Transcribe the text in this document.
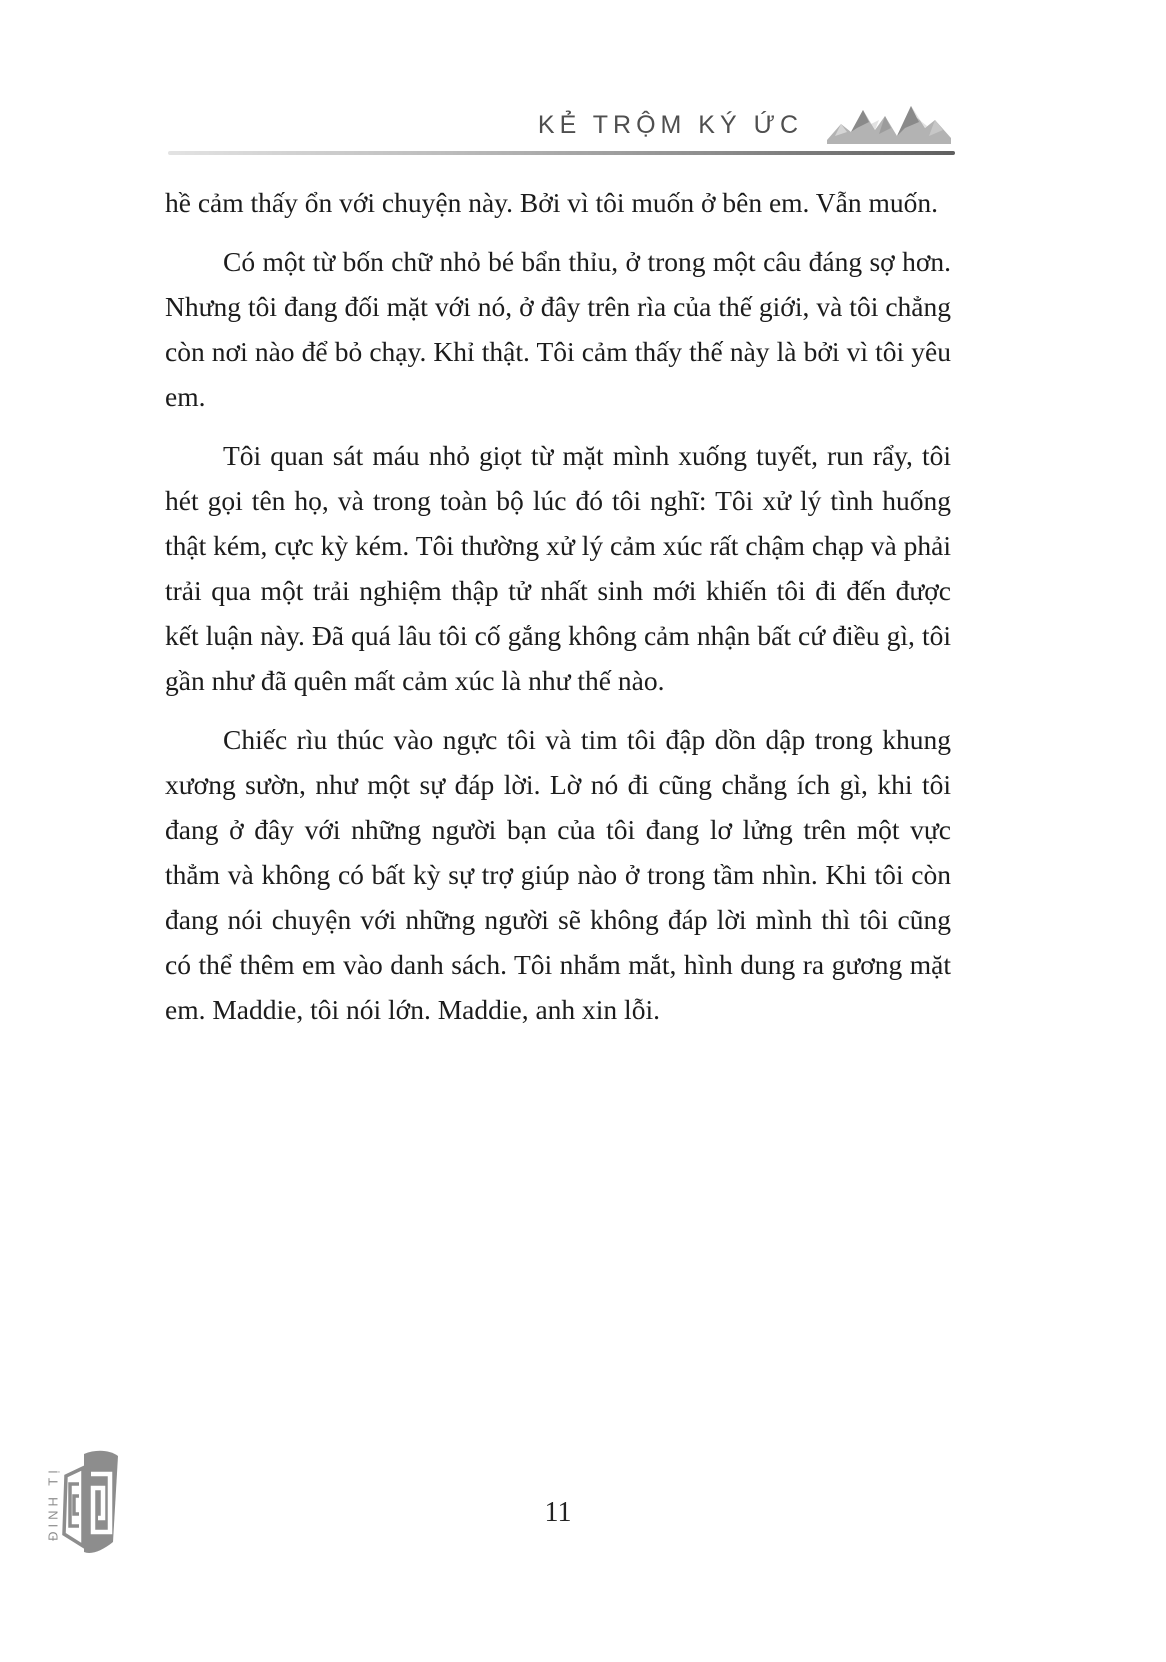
KẺ TRỘM KÝ ỨC

hề cảm thấy ổn với chuyện này. Bởi vì tôi muốn ở bên em. Vẫn muốn.

Có một từ bốn chữ nhỏ bé bẩn thỉu, ở trong một câu đáng sợ hơn. Nhưng tôi đang đối mặt với nó, ở đây trên rìa của thế giới, và tôi chẳng còn nơi nào để bỏ chạy. Khỉ thật. Tôi cảm thấy thế này là bởi vì tôi yêu em.

Tôi quan sát máu nhỏ giọt từ mặt mình xuống tuyết, run rẩy, tôi hét gọi tên họ, và trong toàn bộ lúc đó tôi nghĩ: Tôi xử lý tình huống thật kém, cực kỳ kém. Tôi thường xử lý cảm xúc rất chậm chạp và phải trải qua một trải nghiệm thập tử nhất sinh mới khiến tôi đi đến được kết luận này. Đã quá lâu tôi cố gắng không cảm nhận bất cứ điều gì, tôi gần như đã quên mất cảm xúc là như thế nào.

Chiếc rìu thúc vào ngực tôi và tim tôi đập dồn dập trong khung xương sườn, như một sự đáp lời. Lờ nó đi cũng chẳng ích gì, khi tôi đang ở đây với những người bạn của tôi đang lơ lửng trên một vực thẳm và không có bất kỳ sự trợ giúp nào ở trong tầm nhìn. Khi tôi còn đang nói chuyện với những người sẽ không đáp lời mình thì tôi cũng có thể thêm em vào danh sách. Tôi nhắm mắt, hình dung ra gương mặt em. Maddie, tôi nói lớn. Maddie, anh xin lỗi.

11
ĐINH TỊ
